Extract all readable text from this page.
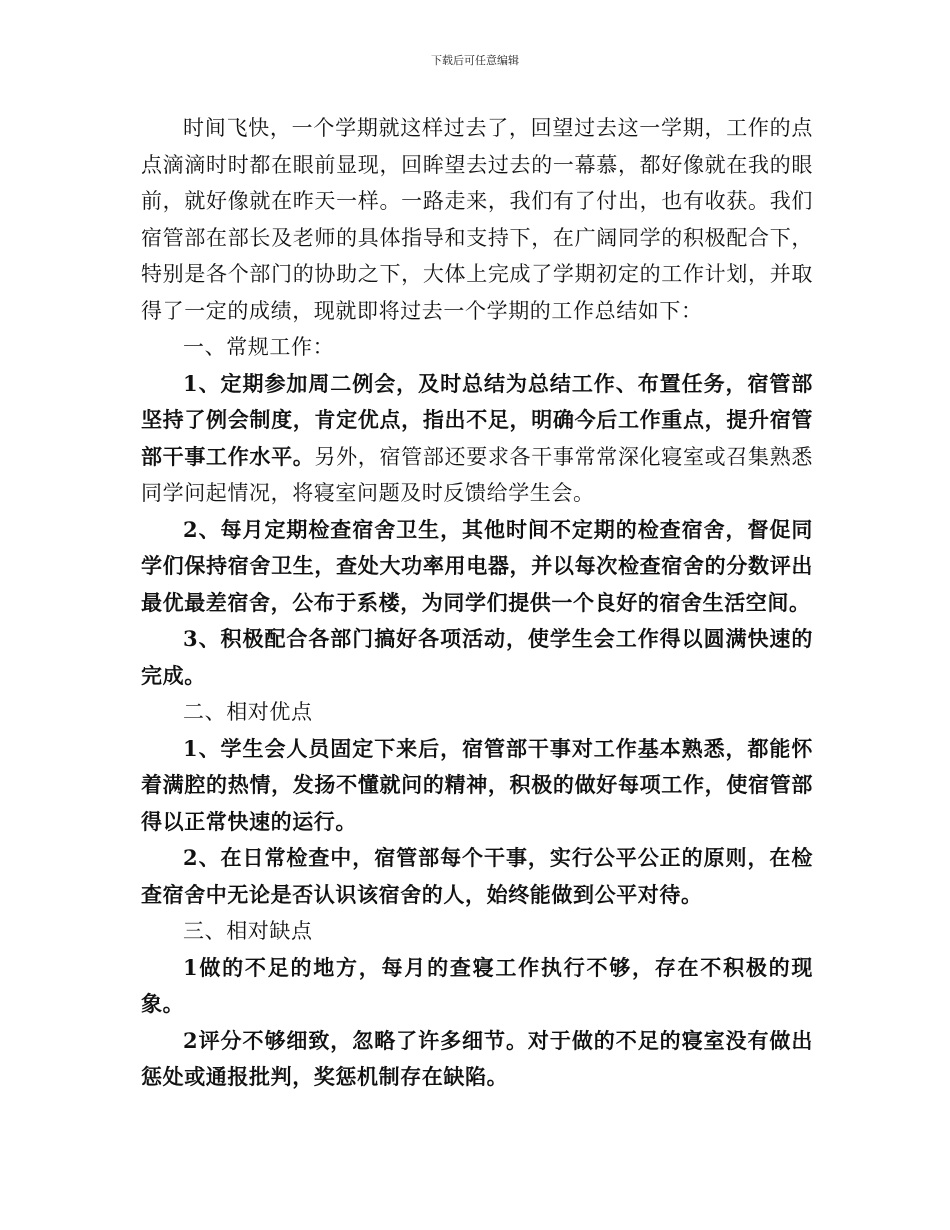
下载后可任意编辑

时间飞快，一个学期就这样过去了，回望过去这一学期，工作的点点滴滴时时都在眼前显现，回眸望去过去的一幕慕，都好像就在我的眼前，就好像就在昨天一样。一路走来，我们有了付出，也有收获。我们宿管部在部长及老师的具体指导和支持下，在广阔同学的积极配合下，特别是各个部门的协助之下，大体上完成了学期初定的工作计划，并取得了一定的成绩，现就即将过去一个学期的工作总结如下：

一、常规工作：

1、定期参加周二例会，及时总结为总结工作、布置任务，宿管部坚持了例会制度，肯定优点，指出不足，明确今后工作重点，提升宿管部干事工作水平。另外，宿管部还要求各干事常常深化寝室或召集熟悉同学问起情况，将寝室问题及时反馈给学生会。

2、每月定期检查宿舍卫生，其他时间不定期的检查宿舍，督促同学们保持宿舍卫生，查处大功率用电器，并以每次检查宿舍的分数评出最优最差宿舍，公布于系楼，为同学们提供一个良好的宿舍生活空间。

3、积极配合各部门搞好各项活动，使学生会工作得以圆满快速的完成。

二、相对优点

1、学生会人员固定下来后，宿管部干事对工作基本熟悉，都能怀着满腔的热情，发扬不懂就问的精神，积极的做好每项工作，使宿管部得以正常快速的运行。

2、在日常检查中，宿管部每个干事，实行公平公正的原则，在检查宿舍中无论是否认识该宿舍的人，始终能做到公平对待。

三、相对缺点

1做的不足的地方，每月的查寝工作执行不够，存在不积极的现象。

2评分不够细致，忽略了许多细节。对于做的不足的寝室没有做出惩处或通报批判，奖惩机制存在缺陷。
